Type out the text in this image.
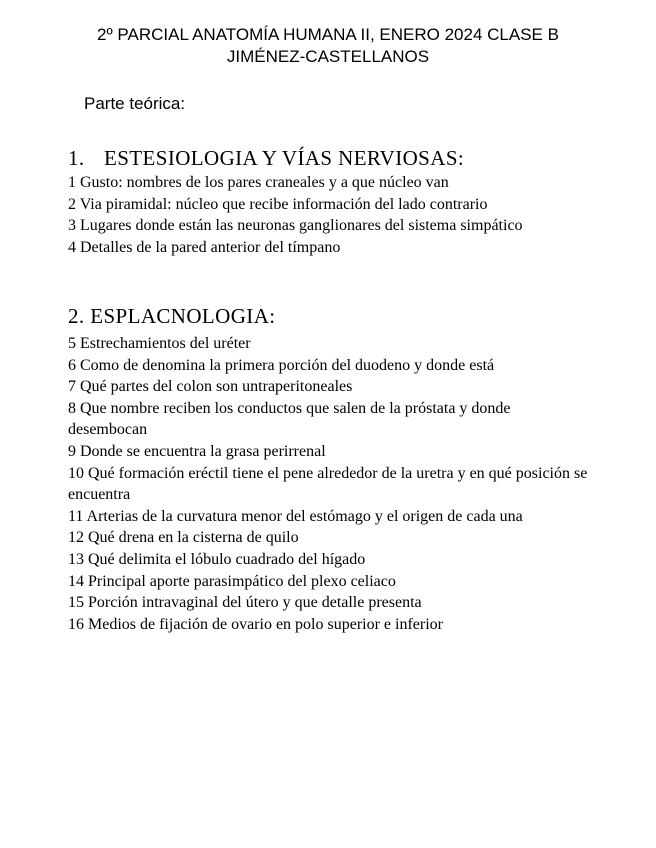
2º PARCIAL ANATOMÍA HUMANA II, ENERO 2024 CLASE B
JIMÉNEZ-CASTELLANOS
Parte teórica:
1. ESTESIOLOGIA Y VÍAS NERVIOSAS:

1 Gusto: nombres de los pares craneales y a que núcleo van

2 Via piramidal: núcleo que recibe información del lado contrario

3 Lugares donde están las neuronas ganglionares del sistema simpático

4 Detalles de la pared anterior del tímpano

2. ESPLACNOLOGIA:

5 Estrechamientos del uréter

6 Como de denomina la primera porción del duodeno y donde está

7 Qué partes del colon son untraperitoneales

8 Que nombre reciben los conductos que salen de la próstata y donde desembocan

9 Donde se encuentra la grasa perirrenal

10 Qué formación eréctil tiene el pene alrededor de la uretra y en qué posición se encuentra

11 Arterias de la curvatura menor del estómago y el origen de cada una

12 Qué drena en la cisterna de quilo

13 Qué delimita el lóbulo cuadrado del hígado

14 Principal aporte parasimpático del plexo celiaco

15 Porción intravaginal del útero y que detalle presenta

16 Medios de fijación de ovario en polo superior e inferior
